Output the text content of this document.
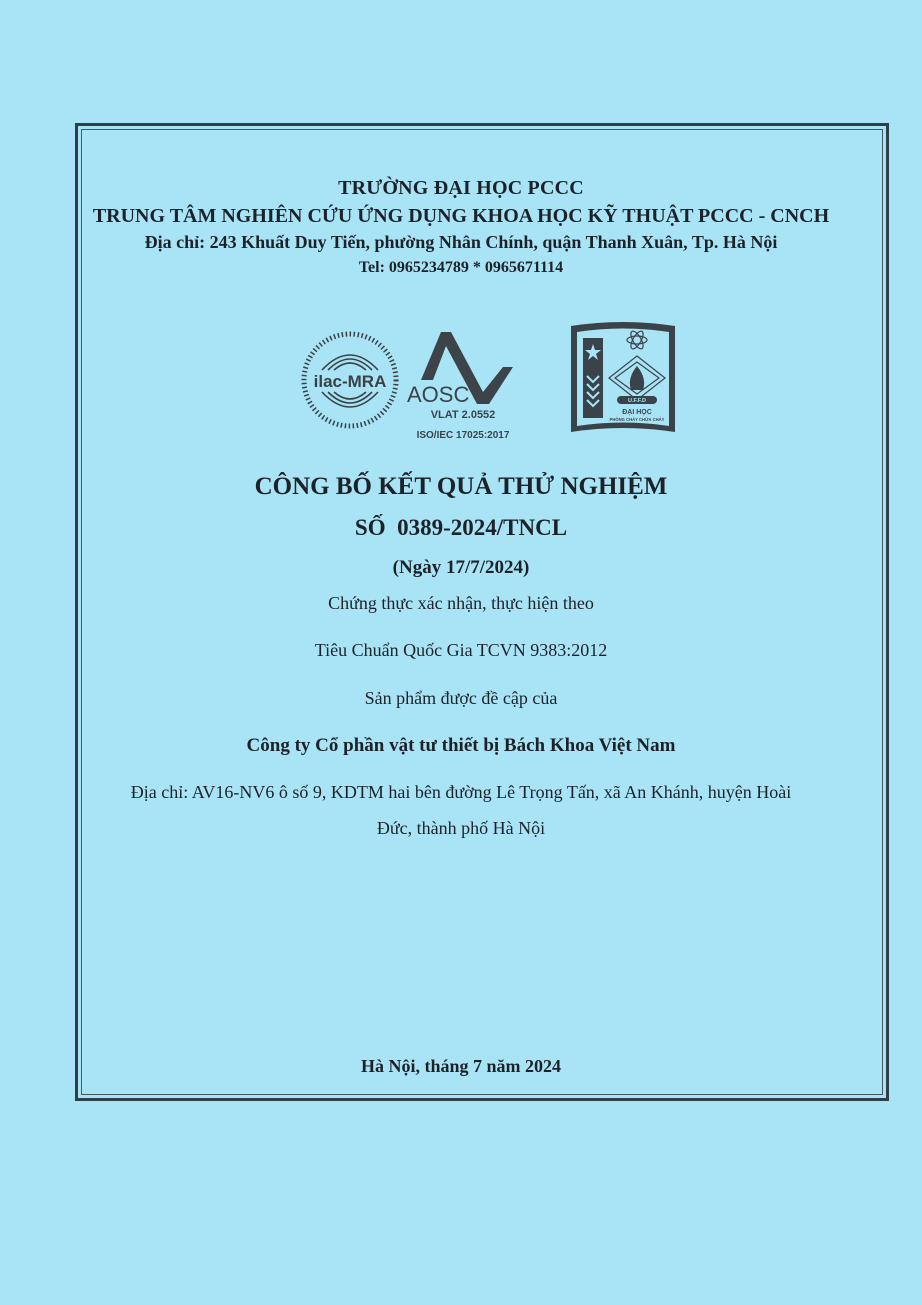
TRƯỜNG ĐẠI HỌC PCCC
TRUNG TÂM NGHIÊN CỨU ỨNG DỤNG KHOA HỌC KỸ THUẬT PCCC - CNCH
Địa chỉ: 243 Khuất Duy Tiến, phường Nhân Chính, quận Thanh Xuân, Tp. Hà Nội
Tel: 0965234789 * 0965671114
ilac-MRA
AOSC
VLAT 2.0552
ISO/IEC 17025:2017
U.F.F.D
ĐẠI HỌC
PHÒNG CHÁY CHỮA CHÁY
CÔNG BỐ KẾT QUẢ THỬ NGHIỆM
SỐ  0389-2024/TNCL
(Ngày 17/7/2024)
Chứng thực xác nhận, thực hiện theo
Tiêu Chuẩn Quốc Gia TCVN 9383:2012
Sản phẩm được đề cập của
Công ty Cổ phần vật tư thiết bị Bách Khoa Việt Nam
Địa chỉ: AV16-NV6 ô số 9, KDTM hai bên đường Lê Trọng Tấn, xã An Khánh, huyện Hoài
Đức, thành phố Hà Nội
Hà Nội, tháng 7 năm 2024
